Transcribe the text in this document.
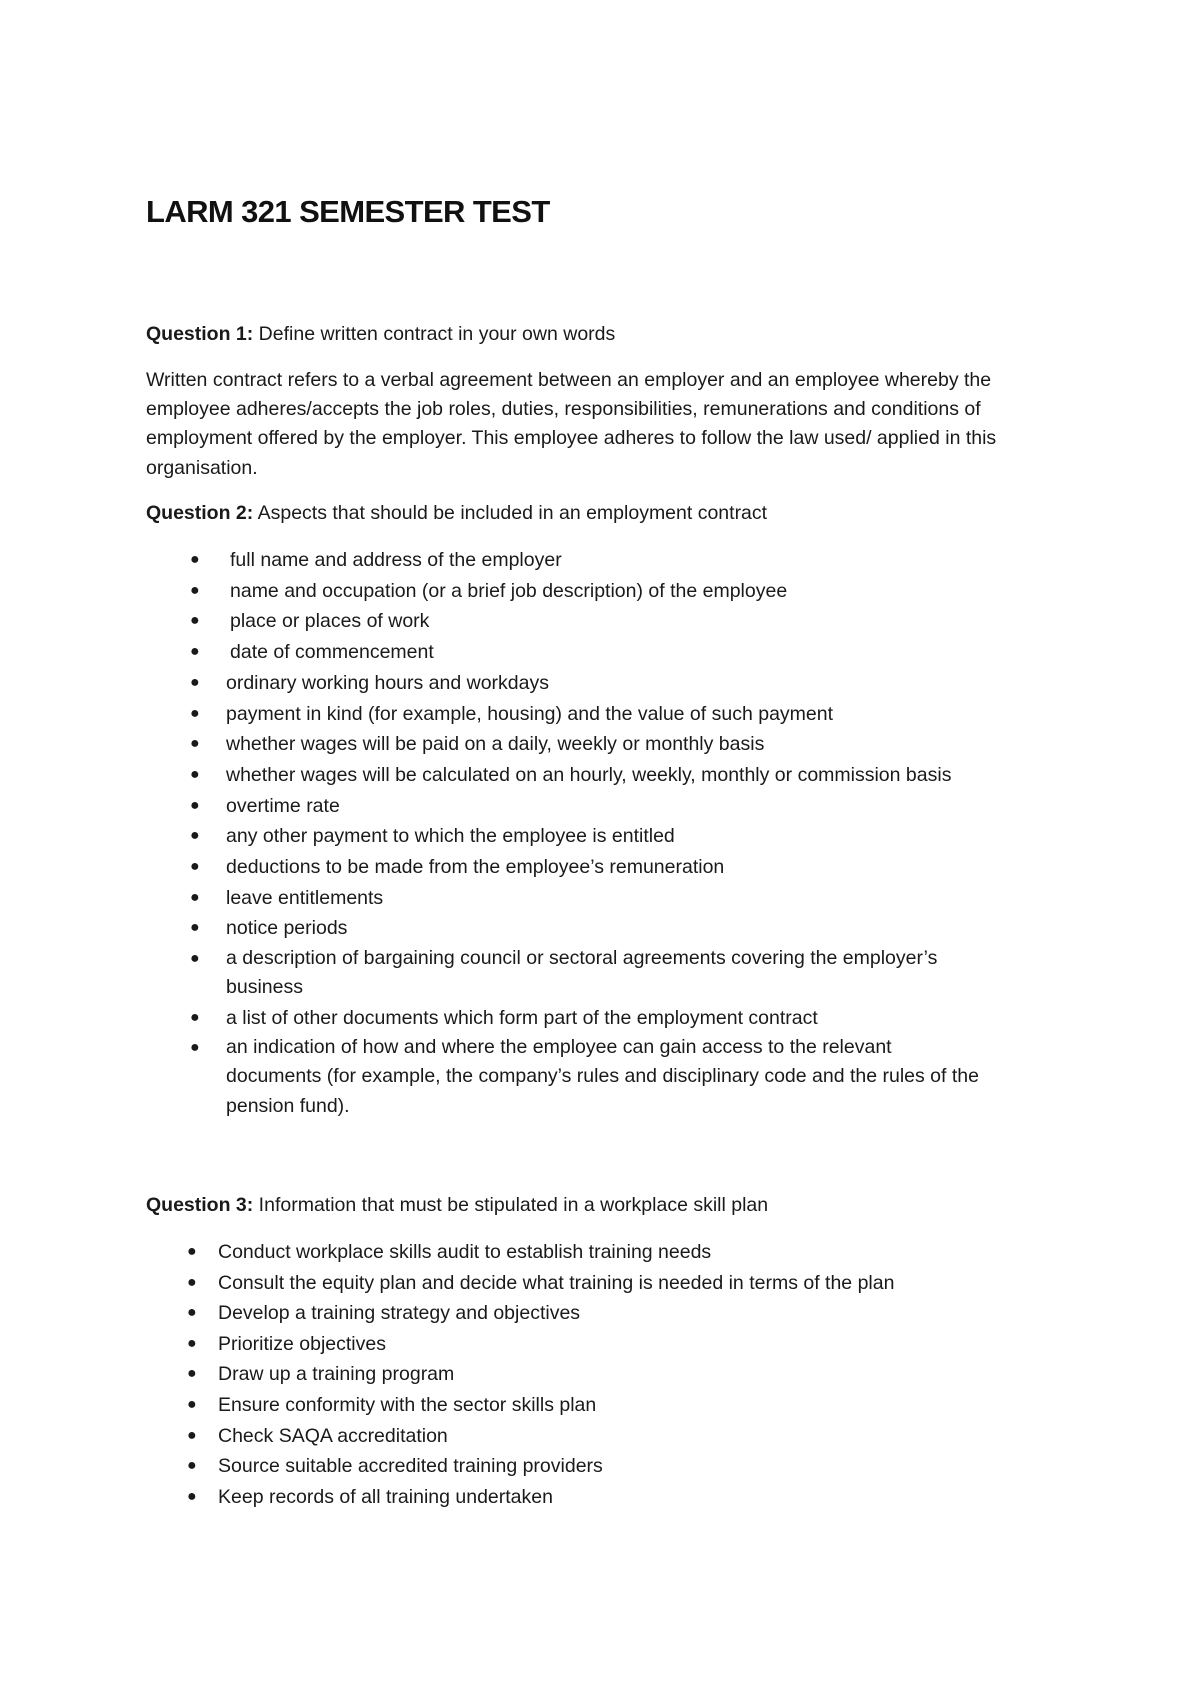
LARM 321 SEMESTER TEST

Question 1: Define written contract in your own words

Written contract refers to a verbal agreement between an employer and an employee whereby the employee adheres/accepts the job roles, duties, responsibilities, remunerations and conditions of employment offered by the employer. This employee adheres to follow the law used/ applied in this organisation.

Question 2: Aspects that should be included in an employment contract

● full name and address of the employer
● name and occupation (or a brief job description) of the employee
● place or places of work
● date of commencement
● ordinary working hours and workdays
● payment in kind (for example, housing) and the value of such payment
● whether wages will be paid on a daily, weekly or monthly basis
● whether wages will be calculated on an hourly, weekly, monthly or commission basis
● overtime rate
● any other payment to which the employee is entitled
● deductions to be made from the employee’s remuneration
● leave entitlements
● notice periods
● a description of bargaining council or sectoral agreements covering the employer’s business
● a list of other documents which form part of the employment contract
● an indication of how and where the employee can gain access to the relevant documents (for example, the company’s rules and disciplinary code and the rules of the pension fund).

Question 3: Information that must be stipulated in a workplace skill plan

● Conduct workplace skills audit to establish training needs
● Consult the equity plan and decide what training is needed in terms of the plan
● Develop a training strategy and objectives
● Prioritize objectives
● Draw up a training program
● Ensure conformity with the sector skills plan
● Check SAQA accreditation
● Source suitable accredited training providers
● Keep records of all training undertaken
